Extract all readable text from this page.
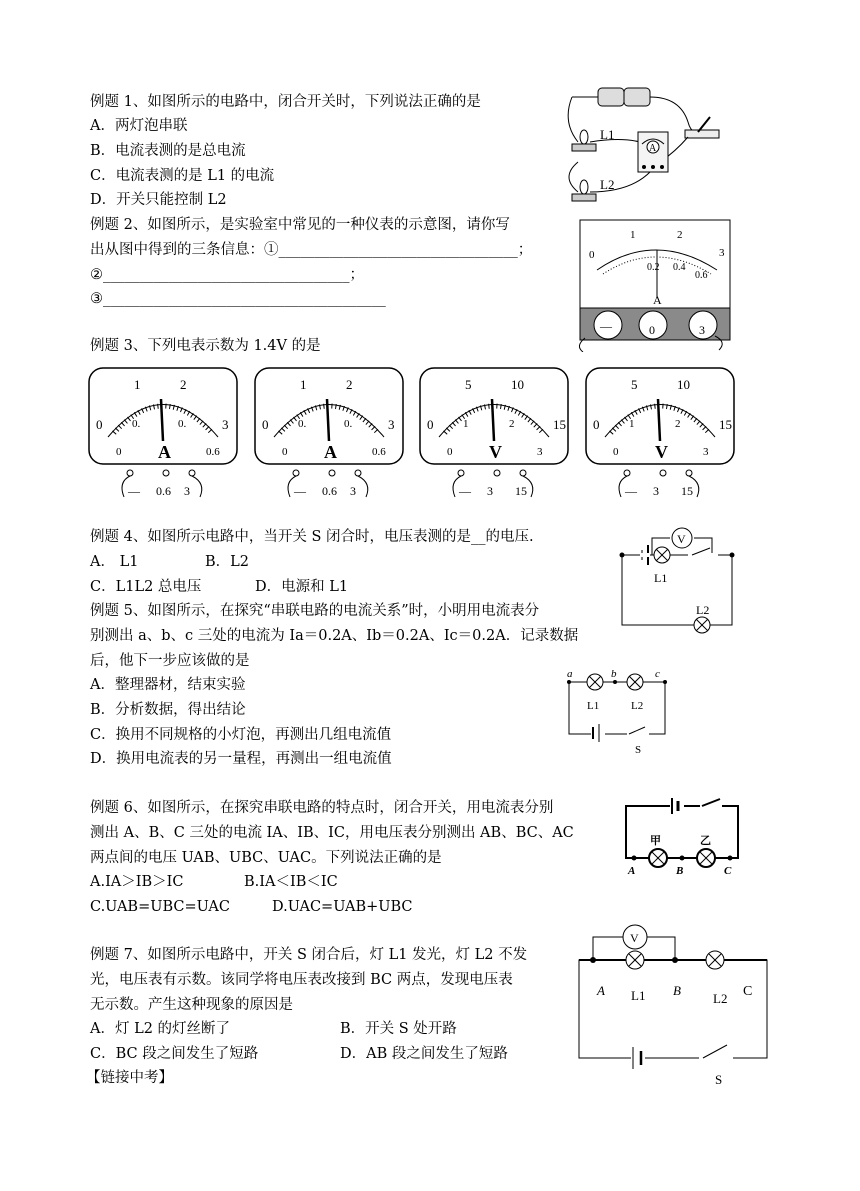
例题 1、如图所示的电路中，闭合开关时，下列说法正确的是
A．两灯泡串联
B．电流表测的是总电流
C．电流表测的是 L1 的电流
D．开关只能控制 L2
L1
L2
A
例题 2、如图所示，是实验室中常见的一种仪表的示意图，请你写
出从图中得到的三条信息：①_________________________________；
②__________________________________；
③_______________________________________
0
1	2
3
0.2 0.4
0.6
A
—	0	3
例题 3、下列电表示数为 1.4V 的是
0
1	2
3
0.	0.
0 A	0.6
— 0.6 3
0
1	2
3
0.	0.
0 A	0.6
— 0.6 3
0
5	10
15
1	2
0 V	3
— 3 15
0
5	10
15
1	2
0 V	3
— 3 15
例题 4、如图所示电路中，当开关 S 闭合时，电压表测的是__的电压.
A． L1	B．L2
C．L1L2 总电压	D．电源和 L1
V
L1
L2
例题 5、如图所示，在探究“串联电路的电流关系”时，小明用电流表分
别测出 a、b、c 三处的电流为 Ia＝0.2A、Ib＝0.2A、Ic＝0.2A．记录数据
后，他下一步应该做的是
A．整理器材，结束实验
B．分析数据，得出结论
C．换用不同规格的小灯泡，再测出几组电流值
D．换用电流表的另一量程，再测出一组电流值
a	b	c
L1	L2
S
例题 6、如图所示，在探究串联电路的特点时，闭合开关，用电流表分别
测出 A、B、C 三处的电流 IA、IB、IC，用电压表分别测出 AB、BC、AC
两点间的电压 UAB、UBC、UAC。下列说法正确的是
A.IA＞IB＞IC	B.IA＜IB＜IC
C.UAB=UBC=UAC	D.UAC=UAB+UBC
甲	乙
A	B	C
例题 7、如图所示电路中，开关 S 闭合后，灯 L1 发光，灯 L2 不发
光，电压表有示数。该同学将电压表改接到 BC 两点，发现电压表
无示数。产生这种现象的原因是
A．灯 L2 的灯丝断了	B．开关 S 处开路
C．BC 段之间发生了短路	D．AB 段之间发生了短路
V
A L1 B
L2 C
S
【链接中考】
